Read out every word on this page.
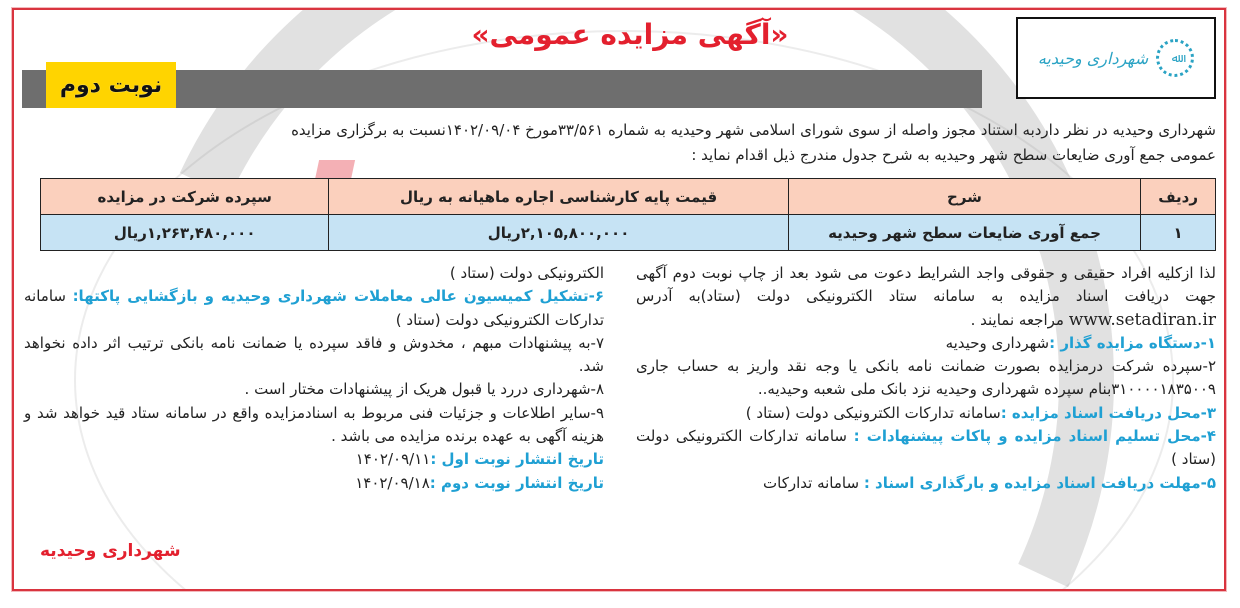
ﷲ
شهرداری وحیدیه
«آگهی مزایده عمومی»
نوبت دوم
شهرداری وحیدیه در نظر داردبه استناد مجوز واصله از سوی شورای اسلامی شهر وحیدیه به شماره ۳۳/۵۶۱مورخ ۱۴۰۲/۰۹/۰۴نسبت به برگزاری مزایده
عمومی جمع آوری ضایعات سطح شهر وحیدیه به شرح جدول مندرج ذیل اقدام نماید :
ردیف	شرح	قیمت پایه کارشناسی اجاره ماهیانه به ریال	سپرده شرکت در مزایده
۱	جمع آوری ضایعات سطح شهر وحیدیه	۲,۱۰۵,۸۰۰,۰۰۰ریال	۱,۲۶۳,۴۸۰,۰۰۰ریال
لذا ازکلیه افراد حقیقی و حقوقی واجد الشرایط دعوت می شود بعد از چاپ نوبت دوم آگهی جهت دریافت اسناد مزایده به سامانه ستاد الکترونیکی دولت (ستاد)به آدرس www.setadiran.ir مراجعه نمایند .
۱-دستگاه مزایده گذار :شهرداری وحیدیه
۲-سپرده شرکت درمزایده بصورت ضمانت نامه بانکی یا وجه نقد واریز به حساب جاری ۳۱۰۰۰۰۱۸۳۵۰۰۹بنام سپرده شهرداری وحیدیه نزد بانک ملی شعبه وحیدیه..
۳-محل دریافت اسناد مزایده :سامانه تدارکات الکترونیکی دولت (ستاد )
۴-محل تسلیم اسناد مزایده و پاکات پیشنهادات : سامانه تدارکات الکترونیکی دولت (ستاد )
۵-مهلت دریافت اسناد مزایده و بارگذاری اسناد : سامانه تدارکات
الکترونیکی دولت (ستاد )
۶-تشکیل کمیسیون عالی معاملات شهرداری وحیدیه و بازگشایی پاکتها: سامانه تدارکات الکترونیکی دولت (ستاد )
۷-به پیشنهادات مبهم ، مخدوش و فاقد سپرده یا ضمانت نامه بانکی ترتیب اثر داده نخواهد شد.
۸-شهرداری دررد یا قبول هریک از پیشنهادات مختار است .
۹-سایر اطلاعات و جزئیات فنی مربوط به اسنادمزایده واقع در سامانه ستاد قید خواهد شد و هزینه آگهی به عهده برنده مزایده می باشد .
تاریخ انتشار نوبت اول :۱۴۰۲/۰۹/۱۱
تاریخ انتشار نوبت دوم :۱۴۰۲/۰۹/۱۸
شهرداری وحیدیه
